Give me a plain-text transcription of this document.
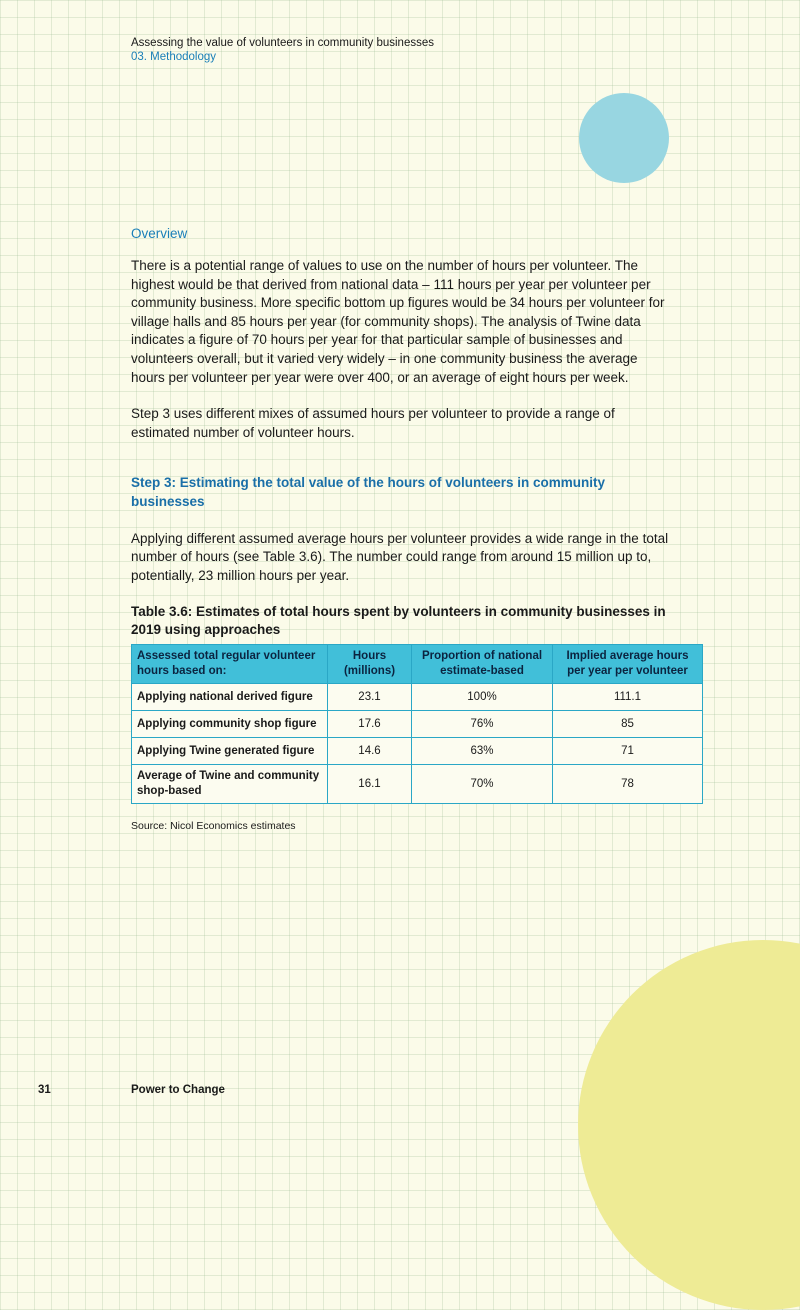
Assessing the value of volunteers in community businesses
03. Methodology
Overview

There is a potential range of values to use on the number of hours per volunteer. The highest would be that derived from national data – 111 hours per year per volunteer per community business. More specific bottom up figures would be 34 hours per volunteer for village halls and 85 hours per year (for community shops). The analysis of Twine data indicates a figure of 70 hours per year for that particular sample of businesses and volunteers overall, but it varied very widely – in one community business the average hours per volunteer per year were over 400, or an average of eight hours per week.

Step 3 uses different mixes of assumed hours per volunteer to provide a range of estimated number of volunteer hours.

Step 3: Estimating the total value of the hours of volunteers in community businesses

Applying different assumed average hours per volunteer provides a wide range in the total number of hours (see Table 3.6). The number could range from around 15 million up to, potentially, 23 million hours per year.

Table 3.6: Estimates of total hours spent by volunteers in community businesses in 2019 using approaches
Assessed total regular volunteer hours based on:	Hours (millions)	Proportion of national estimate-based	Implied average hours per year per volunteer
Applying national derived figure	23.1	100%	111.1
Applying community shop figure	17.6	76%	85
Applying Twine generated figure	14.6	63%	71
Average of Twine and community shop-based	16.1	70%	78
Source: Nicol Economics estimates
31	Power to Change
